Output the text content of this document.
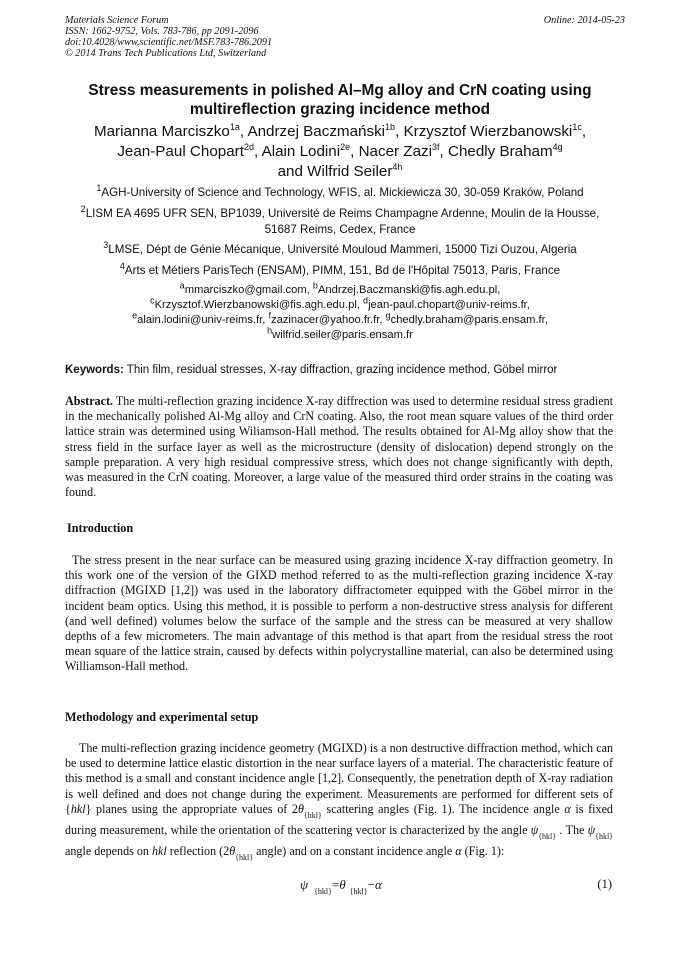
Materials Science Forum
ISSN: 1662-9752, Vols. 783-786, pp 2091-2096
doi:10.4028/www.scientific.net/MSF.783-786.2091
© 2014 Trans Tech Publications Ltd, Switzerland
Online: 2014-05-23
Stress measurements in polished Al–Mg alloy and CrN coating using
multireflection grazing incidence method
Marianna Marciszko$^{1a}$, Andrzej Baczmański$^{1b}$, Krzysztof Wierzbanowski$^{1c}$,
Jean-Paul Chopart$^{2d}$, Alain Lodini$^{2e}$, Nacer Zazi$^{3f}$, Chedly Braham$^{4g}$
and Wilfrid Seiler$^{4h}$
$^1$AGH-University of Science and Technology, WFIS, al. Mickiewicza 30, 30-059 Kraków, Poland
$^2$LISM EA 4695 UFR SEN, BP1039, Université de Reims Champagne Ardenne, Moulin de la Housse, 51687 Reims, Cedex, France
$^3$LMSE, Dépt de Génie Mécanique, Université Mouloud Mammeri, 15000 Tizi Ouzou, Algeria
$^4$Arts et Métiers ParisTech (ENSAM), PIMM, 151, Bd de l'Hôpital 75013, Paris, France
$^a$mmarciszko@gmail.com, $^b$Andrzej.Baczmanski@fis.agh.edu.pl,
$^c$Krzysztof.Wierzbanowski@fis.agh.edu.pl, $^d$jean-paul.chopart@univ-reims.fr,
$^e$alain.lodini@univ-reims.fr, $^f$zazinacer@yahoo.fr.fr, $^g$chedly.braham@paris.ensam.fr,
$^h$wilfrid.seiler@paris.ensam.fr
Keywords: Thin film, residual stresses, X-ray diffraction, grazing incidence method, Göbel mirror
Abstract. The multi-reflection grazing incidence X-ray diffrection was used to determine residual stress gradient in the mechanically polished Al-Mg alloy and CrN coating. Also, the root mean square values of the third order lattice strain was determined using Wiliamson-Hall method. The results obtained for Al-Mg alloy show that the stress field in the surface layer as well as the microstructure (density of dislocation) depend strongly on the sample preparation. A very high residual compressive stress, which does not change significantly with depth, was measured in the CrN coating. Moreover, a large value of the measured third order strains in the coating was found.
Introduction
The stress present in the near surface can be measured using grazing incidence X-ray diffraction geometry. In this work one of the version of the GIXD method referred to as the multi-reflection grazing incidence X-ray diffraction (MGIXD [1,2]) was used in the laboratory diffractometer equipped with the Göbel mirror in the incident beam optics. Using this method, it is possible to perform a non-destructive stress analysis for different (and well defined) volumes below the surface of the sample and the stress can be measured at very shallow depths of a few micrometers. The main advantage of this method is that apart from the residual stress the root mean square of the lattice strain, caused by defects within polycrystalline material, can also be determined using Williamson-Hall method.
Methodology and experimental setup
The multi-reflection grazing incidence geometry (MGIXD) is a non destructive diffraction method, which can be used to determine lattice elastic distortion in the near surface layers of a material. The characteristic feature of this method is a small and constant incidence angle [1,2]. Consequently, the penetration depth of X-ray radiation is well defined and does not change during the experiment. Measurements are performed for different sets of {hkl} planes using the appropriate values of $2\theta_{\{hkl\}}$ scattering angles (Fig. 1). The incidence angle α is fixed during measurement, while the orientation of the scattering vector is characterized by the angle $\psi_{\{hkl\}}$ . The $\psi_{\{hkl\}}$ angle depends on hkl reflection ($2\theta_{\{hkl\}}$ angle) and on a constant incidence angle α (Fig. 1):
ψ $_{\{hkl\}}$=θ $_{\{hkl\}}$−α	(1)
